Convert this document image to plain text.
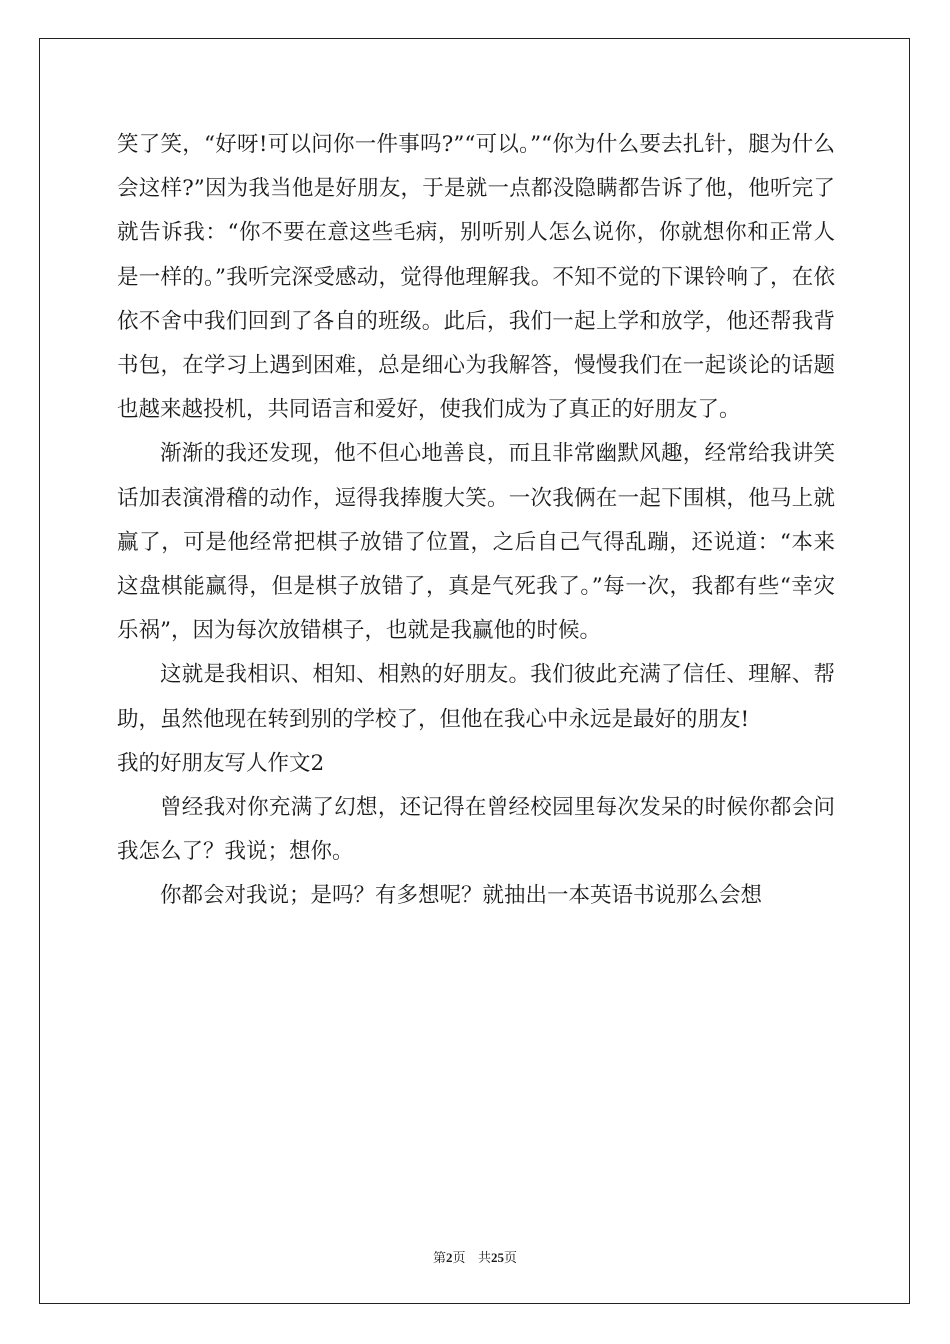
笑了笑，“好呀!可以问你一件事吗?”“可以。”“你为什么要去扎针，腿为什么会这样?”因为我当他是好朋友，于是就一点都没隐瞒都告诉了他，他听完了就告诉我：“你不要在意这些毛病，别听别人怎么说你，你就想你和正常人是一样的。”我听完深受感动，觉得他理解我。不知不觉的下课铃响了，在依依不舍中我们回到了各自的班级。此后，我们一起上学和放学，他还帮我背书包，在学习上遇到困难，总是细心为我解答，慢慢我们在一起谈论的话题也越来越投机，共同语言和爱好，使我们成为了真正的好朋友了。

渐渐的我还发现，他不但心地善良，而且非常幽默风趣，经常给我讲笑话加表演滑稽的动作，逗得我捧腹大笑。一次我俩在一起下围棋，他马上就赢了，可是他经常把棋子放错了位置，之后自己气得乱蹦，还说道：“本来这盘棋能赢得，但是棋子放错了，真是气死我了。”每一次，我都有些“幸灾乐祸”，因为每次放错棋子，也就是我赢他的时候。

这就是我相识、相知、相熟的好朋友。我们彼此充满了信任、理解、帮助，虽然他现在转到别的学校了，但他在我心中永远是最好的朋友!

我的好朋友写人作文2

曾经我对你充满了幻想，还记得在曾经校园里每次发呆的时候你都会问我怎么了？我说；想你。

你都会对我说；是吗？有多想呢？就抽出一本英语书说那么会想

第2页 共25页
